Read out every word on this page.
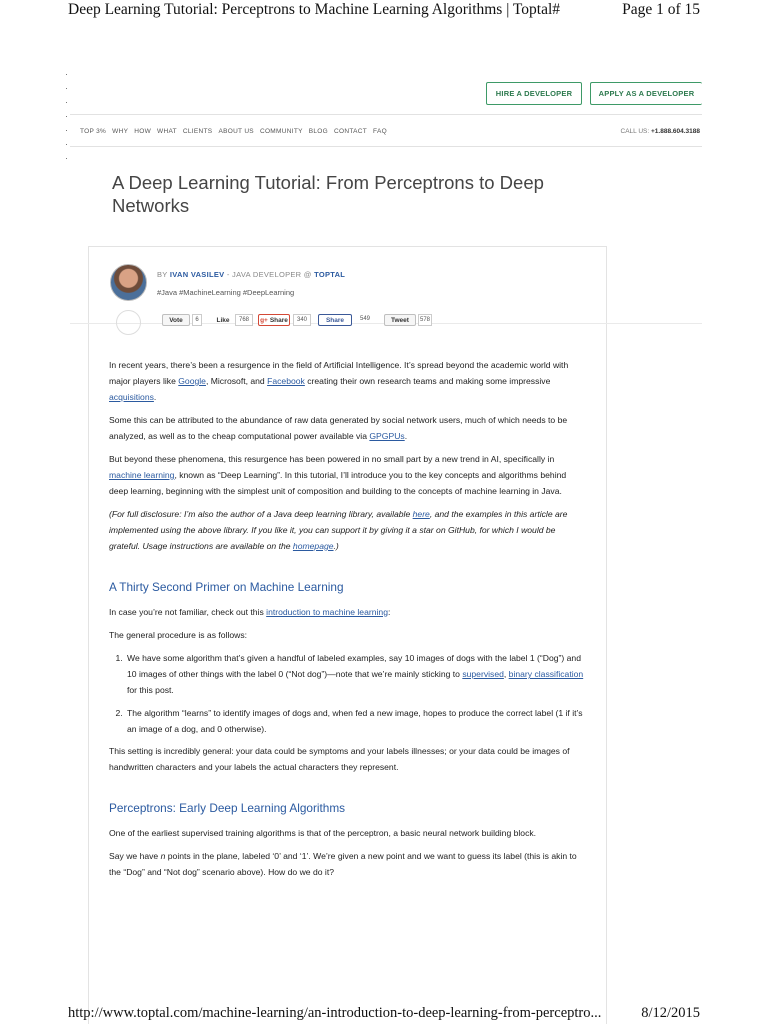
Deep Learning Tutorial: Perceptrons to Machine Learning Algorithms | Toptal#	Page 1 of 15
HIRE A DEVELOPER	APPLY AS A DEVELOPER
TOP 3% WHY HOW WHAT CLIENTS ABOUT US COMMUNITY BLOG CONTACT FAQ	CALL US: +1.888.604.3188
A Deep Learning Tutorial: From Perceptrons to Deep Networks
BY IVAN VASILEV - JAVA DEVELOPER @ TOPTAL
#Java #MachineLearning #DeepLearning
Vote	6	Like	768	g+ Share	340	Share	549	Tweet	578

In recent years, there’s been a resurgence in the field of Artificial Intelligence. It’s spread beyond the academic world with major players like Google, Microsoft, and Facebook creating their own research teams and making some impressive acquisitions.

Some this can be attributed to the abundance of raw data generated by social network users, much of which needs to be analyzed, as well as to the cheap computational power available via GPGPUs.

But beyond these phenomena, this resurgence has been powered in no small part by a new trend in AI, specifically in machine learning, known as “Deep Learning”. In this tutorial, I’ll introduce you to the key concepts and algorithms behind deep learning, beginning with the simplest unit of composition and building to the concepts of machine learning in Java.

(For full disclosure: I’m also the author of a Java deep learning library, available here, and the examples in this article are implemented using the above library. If you like it, you can support it by giving it a star on GitHub, for which I would be grateful. Usage instructions are available on the homepage.)

A Thirty Second Primer on Machine Learning

In case you’re not familiar, check out this introduction to machine learning:

The general procedure is as follows:

1. We have some algorithm that’s given a handful of labeled examples, say 10 images of dogs with the label 1 (“Dog”) and 10 images of other things with the label 0 (“Not dog”)—note that we’re mainly sticking to supervised, binary classification for this post.
2. The algorithm “learns” to identify images of dogs and, when fed a new image, hopes to produce the correct label (1 if it’s an image of a dog, and 0 otherwise).

This setting is incredibly general: your data could be symptoms and your labels illnesses; or your data could be images of handwritten characters and your labels the actual characters they represent.

Perceptrons: Early Deep Learning Algorithms

One of the earliest supervised training algorithms is that of the perceptron, a basic neural network building block.

Say we have n points in the plane, labeled ‘0’ and ‘1’. We’re given a new point and we want to guess its label (this is akin to the “Dog” and “Not dog” scenario above). How do we do it?

http://www.toptal.com/machine-learning/an-introduction-to-deep-learning-from-perceptro...	8/12/2015
